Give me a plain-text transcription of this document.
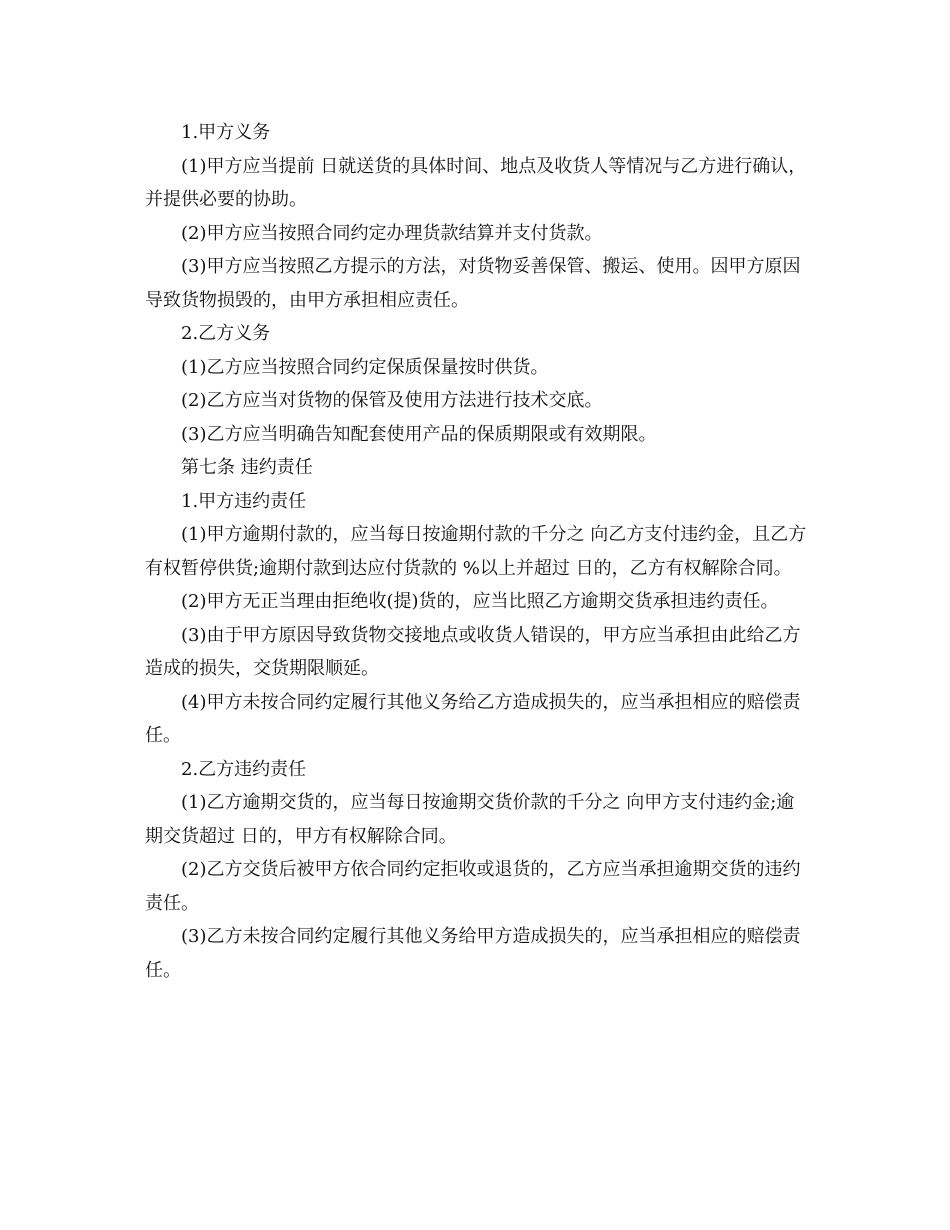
1.甲方义务

(1)甲方应当提前 日就送货的具体时间、地点及收货人等情况与乙方进行确认，并提供必要的协助。

(2)甲方应当按照合同约定办理货款结算并支付货款。

(3)甲方应当按照乙方提示的方法，对货物妥善保管、搬运、使用。因甲方原因导致货物损毁的，由甲方承担相应责任。

2.乙方义务

(1)乙方应当按照合同约定保质保量按时供货。

(2)乙方应当对货物的保管及使用方法进行技术交底。

(3)乙方应当明确告知配套使用产品的保质期限或有效期限。

第七条 违约责任

1.甲方违约责任

(1)甲方逾期付款的，应当每日按逾期付款的千分之 向乙方支付违约金，且乙方有权暂停供货;逾期付款到达应付货款的 %以上并超过 日的，乙方有权解除合同。

(2)甲方无正当理由拒绝收(提)货的，应当比照乙方逾期交货承担违约责任。

(3)由于甲方原因导致货物交接地点或收货人错误的，甲方应当承担由此给乙方造成的损失，交货期限顺延。

(4)甲方未按合同约定履行其他义务给乙方造成损失的，应当承担相应的赔偿责任。

2.乙方违约责任

(1)乙方逾期交货的，应当每日按逾期交货价款的千分之 向甲方支付违约金;逾期交货超过 日的，甲方有权解除合同。

(2)乙方交货后被甲方依合同约定拒收或退货的，乙方应当承担逾期交货的违约责任。

(3)乙方未按合同约定履行其他义务给甲方造成损失的，应当承担相应的赔偿责任。
